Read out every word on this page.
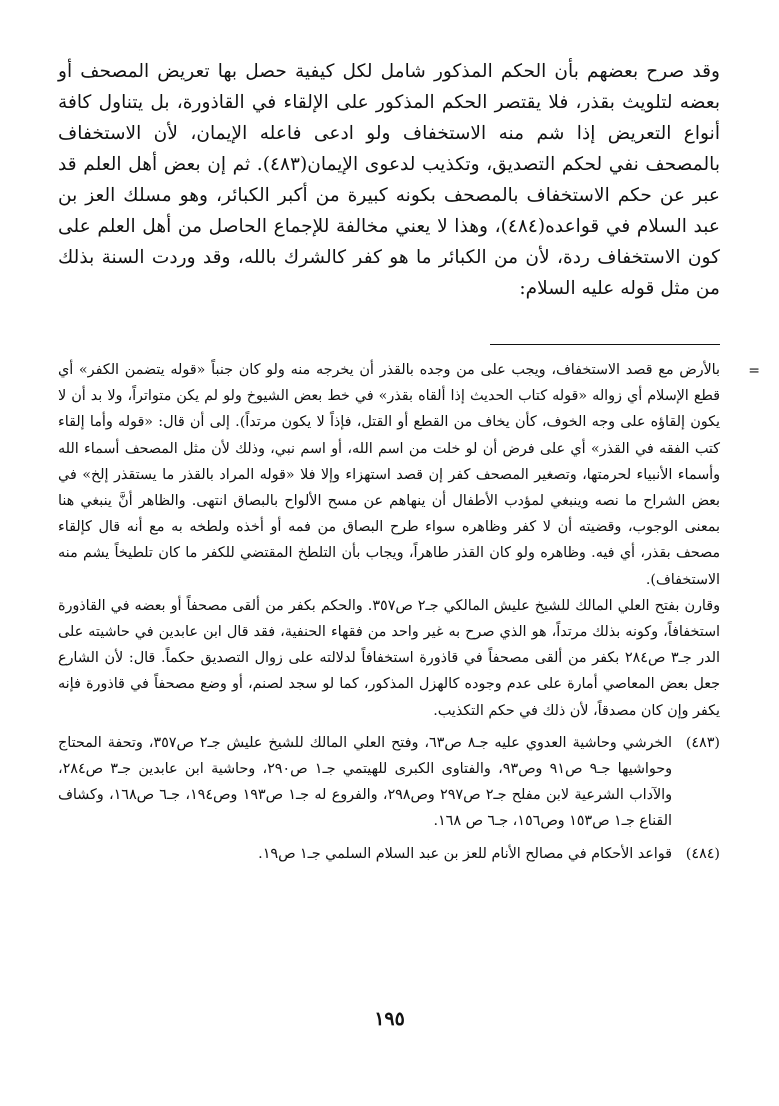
وقد صرح بعضهم بأن الحكم المذكور شامل لكل كيفية حصل بها تعريض المصحف أو بعضه لتلويث بقذر، فلا يقتصر الحكم المذكور على الإلقاء في القاذورة، بل يتناول كافة أنواع التعريض إذا شم منه الاستخفاف ولو ادعى فاعله الإيمان، لأن الاستخفاف بالمصحف نفي لحكم التصديق، وتكذيب لدعوى الإيمان(٤٨٣). ثم إن بعض أهل العلم قد عبر عن حكم الاستخفاف بالمصحف بكونه كبيرة من أكبر الكبائر، وهو مسلك العز بن عبد السلام في قواعده(٤٨٤)، وهذا لا يعني مخالفة للإجماع الحاصل من أهل العلم على كون الاستخفاف ردة، لأن من الكبائر ما هو كفر كالشرك بالله، وقد وردت السنة بذلك من مثل قوله عليه السلام:

=

بالأرض مع قصد الاستخفاف، ويجب على من وجده بالقذر أن يخرجه منه ولو كان جنباً «قوله يتضمن الكفر» أي قطع الإسلام أي زواله «قوله كتاب الحديث إذا ألقاه بقذر» في خط بعض الشيوخ ولو لم يكن متواتراً، ولا بد أن لا يكون إلقاؤه على وجه الخوف، كأن يخاف من القطع أو القتل، فإذاً لا يكون مرتداً). إلى أن قال: «قوله وأما إلقاء كتب الفقه في القذر» أي على فرض أن لو خلت من اسم الله، أو اسم نبي، وذلك لأن مثل المصحف أسماء الله وأسماء الأنبياء لحرمتها، وتصغير المصحف كفر إن قصد استهزاء وإلا فلا «قوله المراد بالقذر ما يستقذر إلخ» في بعض الشراح ما نصه وينبغي لمؤدب الأطفال أن ينهاهم عن مسح الألواح بالبصاق انتهى. والظاهر أنَّ ينبغي هنا بمعنى الوجوب، وقضيته أن لا كفر وظاهره سواء طرح البصاق من فمه أو أخذه ولطخه به مع أنه قال كإلقاء مصحف بقذر، أي فيه. وظاهره ولو كان القذر طاهراً، ويجاب بأن التلطخ المقتضي للكفر ما كان تلطيخاً يشم منه الاستخفاف).

وقارن بفتح العلي المالك للشيخ عليش المالكي جـ٢ ص٣٥٧. والحكم بكفر من ألقى مصحفاً أو بعضه في القاذورة استخفافاً، وكونه بذلك مرتداً، هو الذي صرح به غير واحد من فقهاء الحنفية، فقد قال ابن عابدين في حاشيته على الدر جـ٣ ص٢٨٤ بكفر من ألقى مصحفاً في قاذورة استخفافاً لدلالته على زوال التصديق حكماً. قال: لأن الشارع جعل بعض المعاصي أمارة على عدم وجوده كالهزل المذكور، كما لو سجد لصنم، أو وضع مصحفاً في قاذورة فإنه يكفر وإن كان مصدقاً، لأن ذلك في حكم التكذيب.

(٤٨٣)

الخرشي وحاشية العدوي عليه جـ٨ ص٦٣، وفتح العلي المالك للشيخ عليش جـ٢ ص٣٥٧، وتحفة المحتاج وحواشيها جـ٩ ص٩١ وص٩٣، والفتاوى الكبرى للهيتمي جـ١ ص٢٩٠، وحاشية ابن عابدين جـ٣ ص٢٨٤، والآداب الشرعية لابن مفلح جـ٢ ص٢٩٧ وص٢٩٨، والفروع له جـ١ ص١٩٣ وص١٩٤، جـ٦ ص١٦٨، وكشاف القناع جـ١ ص١٥٣ وص١٥٦، جـ٦ ص ١٦٨.

(٤٨٤)

قواعد الأحكام في مصالح الأنام للعز بن عبد السلام السلمي جـ١ ص١٩.

١٩٥
